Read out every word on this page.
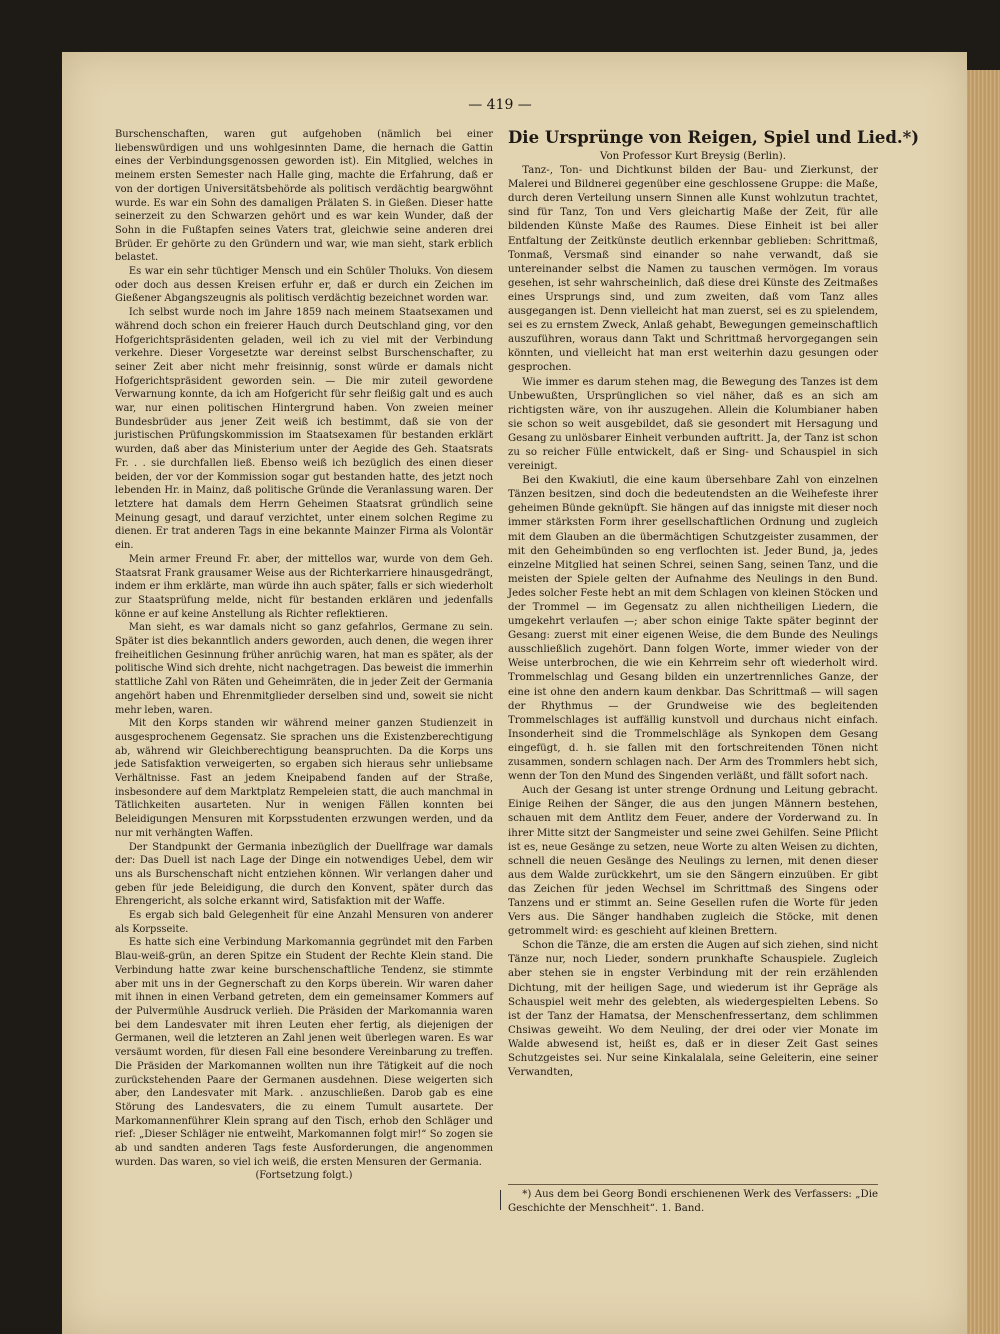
— 419 —

Burschenschaften, waren gut aufgehoben (nämlich bei einer liebenswürdigen und uns wohlgesinnten Dame, die hernach die Gattin eines der Verbindungsgenossen geworden ist). Ein Mitglied, welches in meinem ersten Semester nach Halle ging, machte die Erfahrung, daß er von der dortigen Universitätsbehörde als politisch verdächtig beargwöhnt wurde. Es war ein Sohn des damaligen Prälaten S. in Gießen. Dieser hatte seinerzeit zu den Schwarzen gehört und es war kein Wunder, daß der Sohn in die Fußtapfen seines Vaters trat, gleichwie seine anderen drei Brüder. Er gehörte zu den Gründern und war, wie man sieht, stark erblich belastet.

Es war ein sehr tüchtiger Mensch und ein Schüler Tholuks. Von diesem oder doch aus dessen Kreisen erfuhr er, daß er durch ein Zeichen im Gießener Abgangszeugnis als politisch verdächtig bezeichnet worden war.

Ich selbst wurde noch im Jahre 1859 nach meinem Staatsexamen und während doch schon ein freierer Hauch durch Deutschland ging, vor den Hofgerichtspräsidenten geladen, weil ich zu viel mit der Verbindung verkehre. Dieser Vorgesetzte war dereinst selbst Burschenschafter, zu seiner Zeit aber nicht mehr freisinnig, sonst würde er damals nicht Hofgerichtspräsident geworden sein. — Die mir zuteil gewordene Verwarnung konnte, da ich am Hofgericht für sehr fleißig galt und es auch war, nur einen politischen Hintergrund haben. Von zweien meiner Bundesbrüder aus jener Zeit weiß ich bestimmt, daß sie von der juristischen Prüfungskommission im Staatsexamen für bestanden erklärt wurden, daß aber das Ministerium unter der Aegide des Geh. Staatsrats Fr. . . sie durchfallen ließ. Ebenso weiß ich bezüglich des einen dieser beiden, der vor der Kommission sogar gut bestanden hatte, des jetzt noch lebenden Hr. in Mainz, daß politische Gründe die Veranlassung waren. Der letztere hat damals dem Herrn Geheimen Staatsrat gründlich seine Meinung gesagt, und darauf verzichtet, unter einem solchen Regime zu dienen. Er trat anderen Tags in eine bekannte Mainzer Firma als Volontär ein.

Mein armer Freund Fr. aber, der mittellos war, wurde von dem Geh. Staatsrat Frank grausamer Weise aus der Richterkarriere hinausgedrängt, indem er ihm erklärte, man würde ihn auch später, falls er sich wiederholt zur Staatsprüfung melde, nicht für bestanden erklären und jedenfalls könne er auf keine Anstellung als Richter reflektieren.

Man sieht, es war damals nicht so ganz gefahrlos, Germane zu sein. Später ist dies bekanntlich anders geworden, auch denen, die wegen ihrer freiheitlichen Gesinnung früher anrüchig waren, hat man es später, als der politische Wind sich drehte, nicht nachgetragen. Das beweist die immerhin stattliche Zahl von Räten und Geheimräten, die in jeder Zeit der Germania angehört haben und Ehrenmitglieder derselben sind und, soweit sie nicht mehr leben, waren.

Mit den Korps standen wir während meiner ganzen Studienzeit in ausgesprochenem Gegensatz. Sie sprachen uns die Existenzberechtigung ab, während wir Gleichberechtigung beanspruchten. Da die Korps uns jede Satisfaktion verweigerten, so ergaben sich hieraus sehr unliebsame Verhältnisse. Fast an jedem Kneipabend fanden auf der Straße, insbesondere auf dem Marktplatz Rempeleien statt, die auch manchmal in Tätlichkeiten ausarteten. Nur in wenigen Fällen konnten bei Beleidigungen Mensuren mit Korpsstudenten erzwungen werden, und da nur mit verhängten Waffen.

Der Standpunkt der Germania inbezüglich der Duellfrage war damals der: Das Duell ist nach Lage der Dinge ein notwendiges Uebel, dem wir uns als Burschenschaft nicht entziehen können. Wir verlangen daher und geben für jede Beleidigung, die durch den Konvent, später durch das Ehrengericht, als solche erkannt wird, Satisfaktion mit der Waffe.

Es ergab sich bald Gelegenheit für eine Anzahl Mensuren von anderer als Korpsseite.

Es hatte sich eine Verbindung Markomannia gegründet mit den Farben Blau-weiß-grün, an deren Spitze ein Student der Rechte Klein stand. Die Verbindung hatte zwar keine burschenschaftliche Tendenz, sie stimmte aber mit uns in der Gegnerschaft zu den Korps überein. Wir waren daher mit ihnen in einen Verband getreten, dem ein gemeinsamer Kommers auf der Pulvermühle Ausdruck verlieh. Die Präsiden der Markomannia waren bei dem Landesvater mit ihren Leuten eher fertig, als diejenigen der Germanen, weil die letzteren an Zahl jenen weit überlegen waren. Es war versäumt worden, für diesen Fall eine besondere Vereinbarung zu treffen. Die Präsiden der Markomannen wollten nun ihre Tätigkeit auf die noch zurückstehenden Paare der Germanen ausdehnen. Diese weigerten sich aber, den Landesvater mit Mark. . anzuschließen. Darob gab es eine Störung des Landesvaters, die zu einem Tumult ausartete. Der Markomannenführer Klein sprang auf den Tisch, erhob den Schläger und rief: „Dieser Schläger nie entweiht, Markomannen folgt mir!“ So zogen sie ab und sandten anderen Tags feste Ausforderungen, die angenommen wurden. Das waren, so viel ich weiß, die ersten Mensuren der Germania.

(Fortsetzung folgt.)

Die Ursprünge von Reigen, Spiel und Lied.*)

Von Professor Kurt Breysig (Berlin).

Tanz-, Ton- und Dichtkunst bilden der Bau- und Zierkunst, der Malerei und Bildnerei gegenüber eine geschlossene Gruppe: die Maße, durch deren Verteilung unsern Sinnen alle Kunst wohlzutun trachtet, sind für Tanz, Ton und Vers gleichartig Maße der Zeit, für alle bildenden Künste Maße des Raumes. Diese Einheit ist bei aller Entfaltung der Zeitkünste deutlich erkennbar geblieben: Schrittmaß, Tonmaß, Versmaß sind einander so nahe verwandt, daß sie untereinander selbst die Namen zu tauschen vermögen. Im voraus gesehen, ist sehr wahrscheinlich, daß diese drei Künste des Zeitmaßes eines Ursprungs sind, und zum zweiten, daß vom Tanz alles ausgegangen ist. Denn vielleicht hat man zuerst, sei es zu spielendem, sei es zu ernstem Zweck, Anlaß gehabt, Bewegungen gemeinschaftlich auszuführen, woraus dann Takt und Schrittmaß hervorgegangen sein könnten, und vielleicht hat man erst weiterhin dazu gesungen oder gesprochen.

Wie immer es darum stehen mag, die Bewegung des Tanzes ist dem Unbewußten, Ursprünglichen so viel näher, daß es an sich am richtigsten wäre, von ihr auszugehen. Allein die Kolumbianer haben sie schon so weit ausgebildet, daß sie gesondert mit Hersagung und Gesang zu unlösbarer Einheit verbunden auftritt. Ja, der Tanz ist schon zu so reicher Fülle entwickelt, daß er Sing- und Schauspiel in sich vereinigt.

Bei den Kwakiutl, die eine kaum übersehbare Zahl von einzelnen Tänzen besitzen, sind doch die bedeutendsten an die Weihefeste ihrer geheimen Bünde geknüpft. Sie hängen auf das innigste mit dieser noch immer stärksten Form ihrer gesellschaftlichen Ordnung und zugleich mit dem Glauben an die übermächtigen Schutzgeister zusammen, der mit den Geheimbünden so eng verflochten ist. Jeder Bund, ja, jedes einzelne Mitglied hat seinen Schrei, seinen Sang, seinen Tanz, und die meisten der Spiele gelten der Aufnahme des Neulings in den Bund. Jedes solcher Feste hebt an mit dem Schlagen von kleinen Stöcken und der Trommel — im Gegensatz zu allen nichtheiligen Liedern, die umgekehrt verlaufen —; aber schon einige Takte später beginnt der Gesang: zuerst mit einer eigenen Weise, die dem Bunde des Neulings ausschließlich zugehört. Dann folgen Worte, immer wieder von der Weise unterbrochen, die wie ein Kehrreim sehr oft wiederholt wird. Trommelschlag und Gesang bilden ein unzertrennliches Ganze, der eine ist ohne den andern kaum denkbar. Das Schrittmaß — will sagen der Rhythmus — der Grundweise wie des begleitenden Trommelschlages ist auffällig kunstvoll und durchaus nicht einfach. Insonderheit sind die Trommelschläge als Synkopen dem Gesang eingefügt, d. h. sie fallen mit den fortschreitenden Tönen nicht zusammen, sondern schlagen nach. Der Arm des Trommlers hebt sich, wenn der Ton den Mund des Singenden verläßt, und fällt sofort nach.

Auch der Gesang ist unter strenge Ordnung und Leitung gebracht. Einige Reihen der Sänger, die aus den jungen Männern bestehen, schauen mit dem Antlitz dem Feuer, andere der Vorderwand zu. In ihrer Mitte sitzt der Sangmeister und seine zwei Gehilfen. Seine Pflicht ist es, neue Gesänge zu setzen, neue Worte zu alten Weisen zu dichten, schnell die neuen Gesänge des Neulings zu lernen, mit denen dieser aus dem Walde zurückkehrt, um sie den Sängern einzuüben. Er gibt das Zeichen für jeden Wechsel im Schrittmaß des Singens oder Tanzens und er stimmt an. Seine Gesellen rufen die Worte für jeden Vers aus. Die Sänger handhaben zugleich die Stöcke, mit denen getrommelt wird: es geschieht auf kleinen Brettern.

Schon die Tänze, die am ersten die Augen auf sich ziehen, sind nicht Tänze nur, noch Lieder, sondern prunkhafte Schauspiele. Zugleich aber stehen sie in engster Verbindung mit der rein erzählenden Dichtung, mit der heiligen Sage, und wiederum ist ihr Gepräge als Schauspiel weit mehr des gelebten, als wiedergespielten Lebens. So ist der Tanz der Hamatsa, der Menschenfressertanz, dem schlimmen Chsiwas geweiht. Wo dem Neuling, der drei oder vier Monate im Walde abwesend ist, heißt es, daß er in dieser Zeit Gast seines Schutzgeistes sei. Nur seine Kinkalalala, seine Geleiterin, eine seiner Verwandten,

*) Aus dem bei Georg Bondi erschienenen Werk des Verfassers: „Die Geschichte der Menschheit“. 1. Band.
